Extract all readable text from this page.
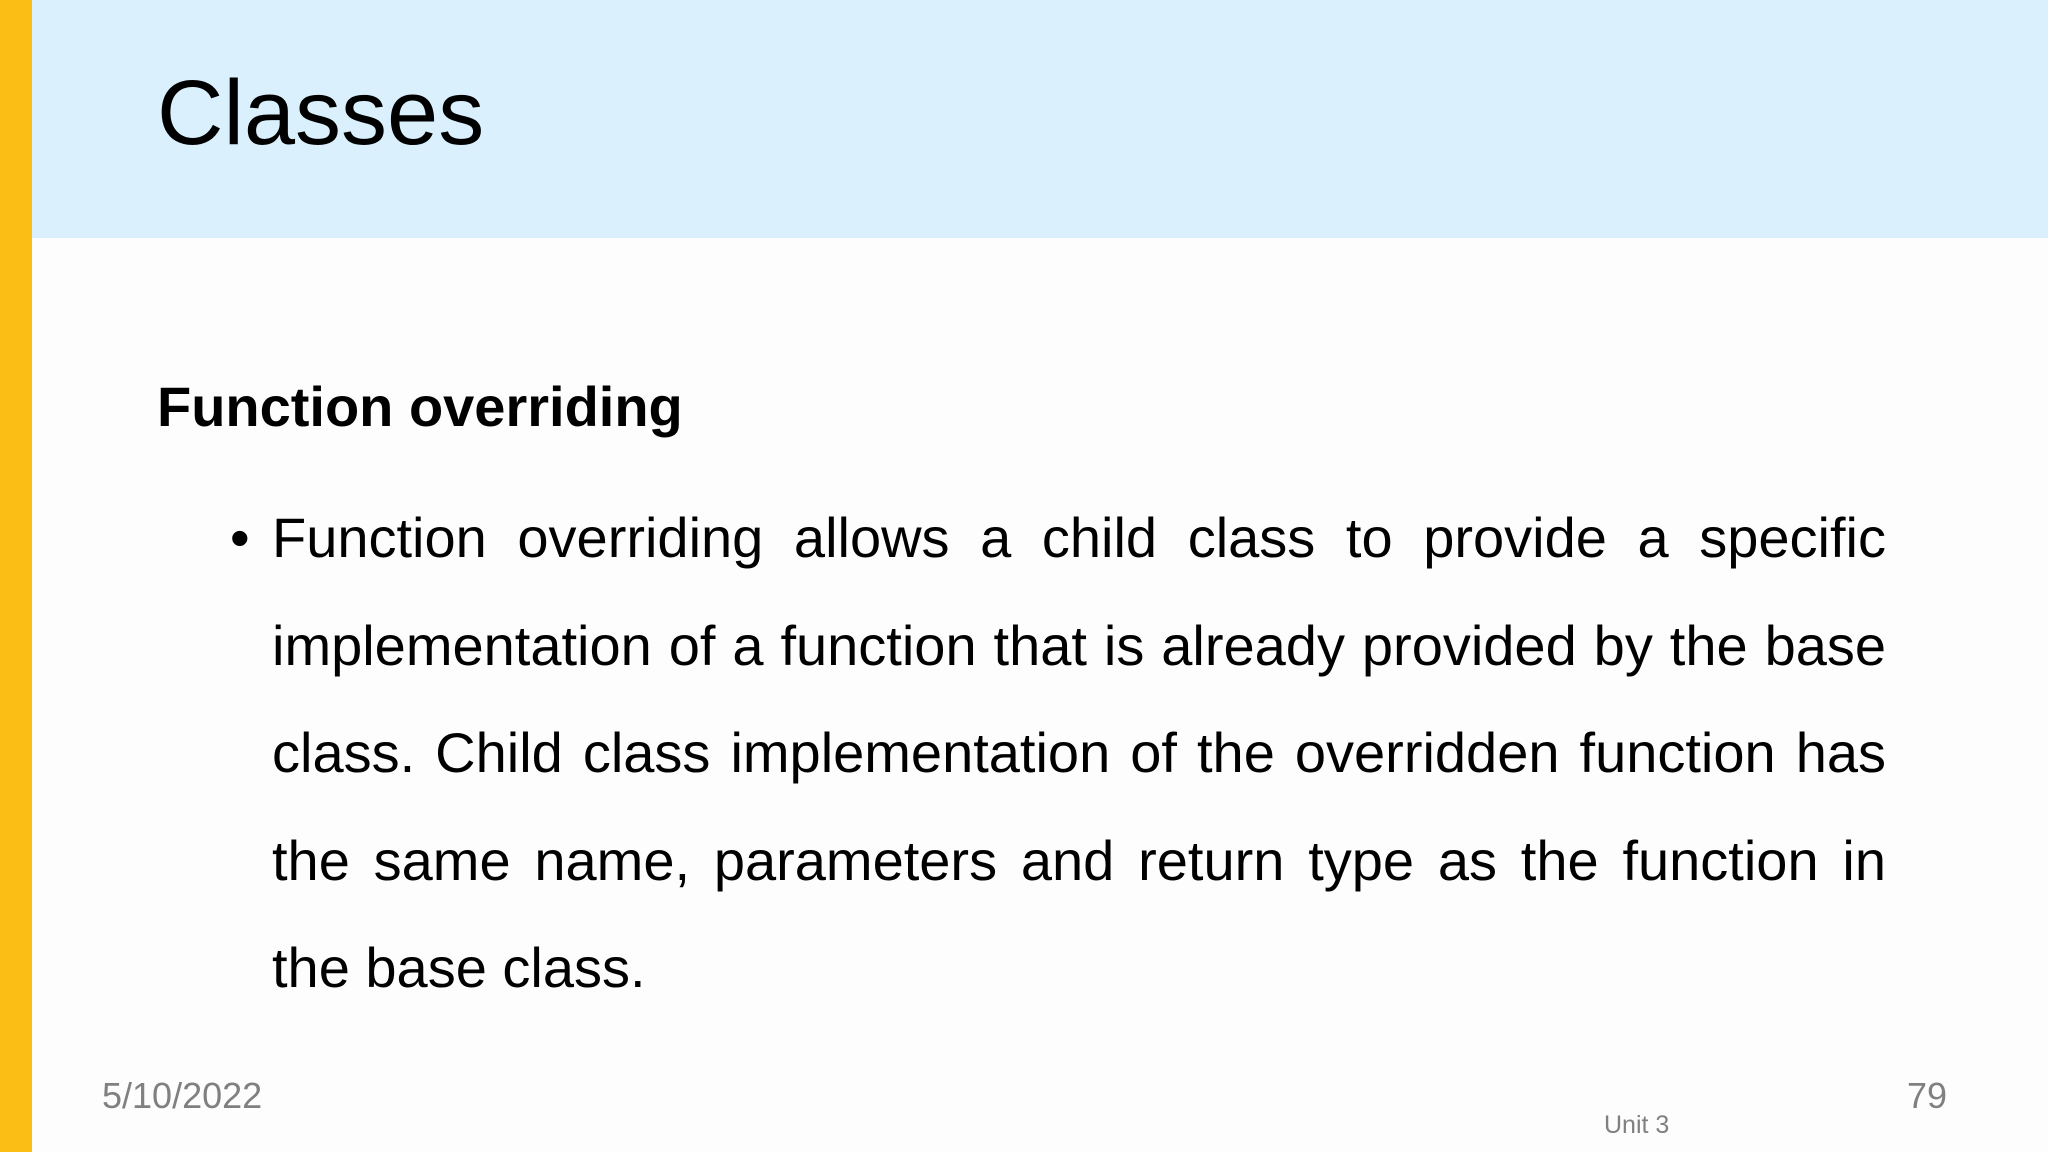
Classes
Function overriding
• Function overriding allows a child class to provide a specific implementation of a function that is already provided by the base class. Child class implementation of the overridden function has the same name, parameters and return type as the function in the base class.
5/10/2022
Unit 3
79
